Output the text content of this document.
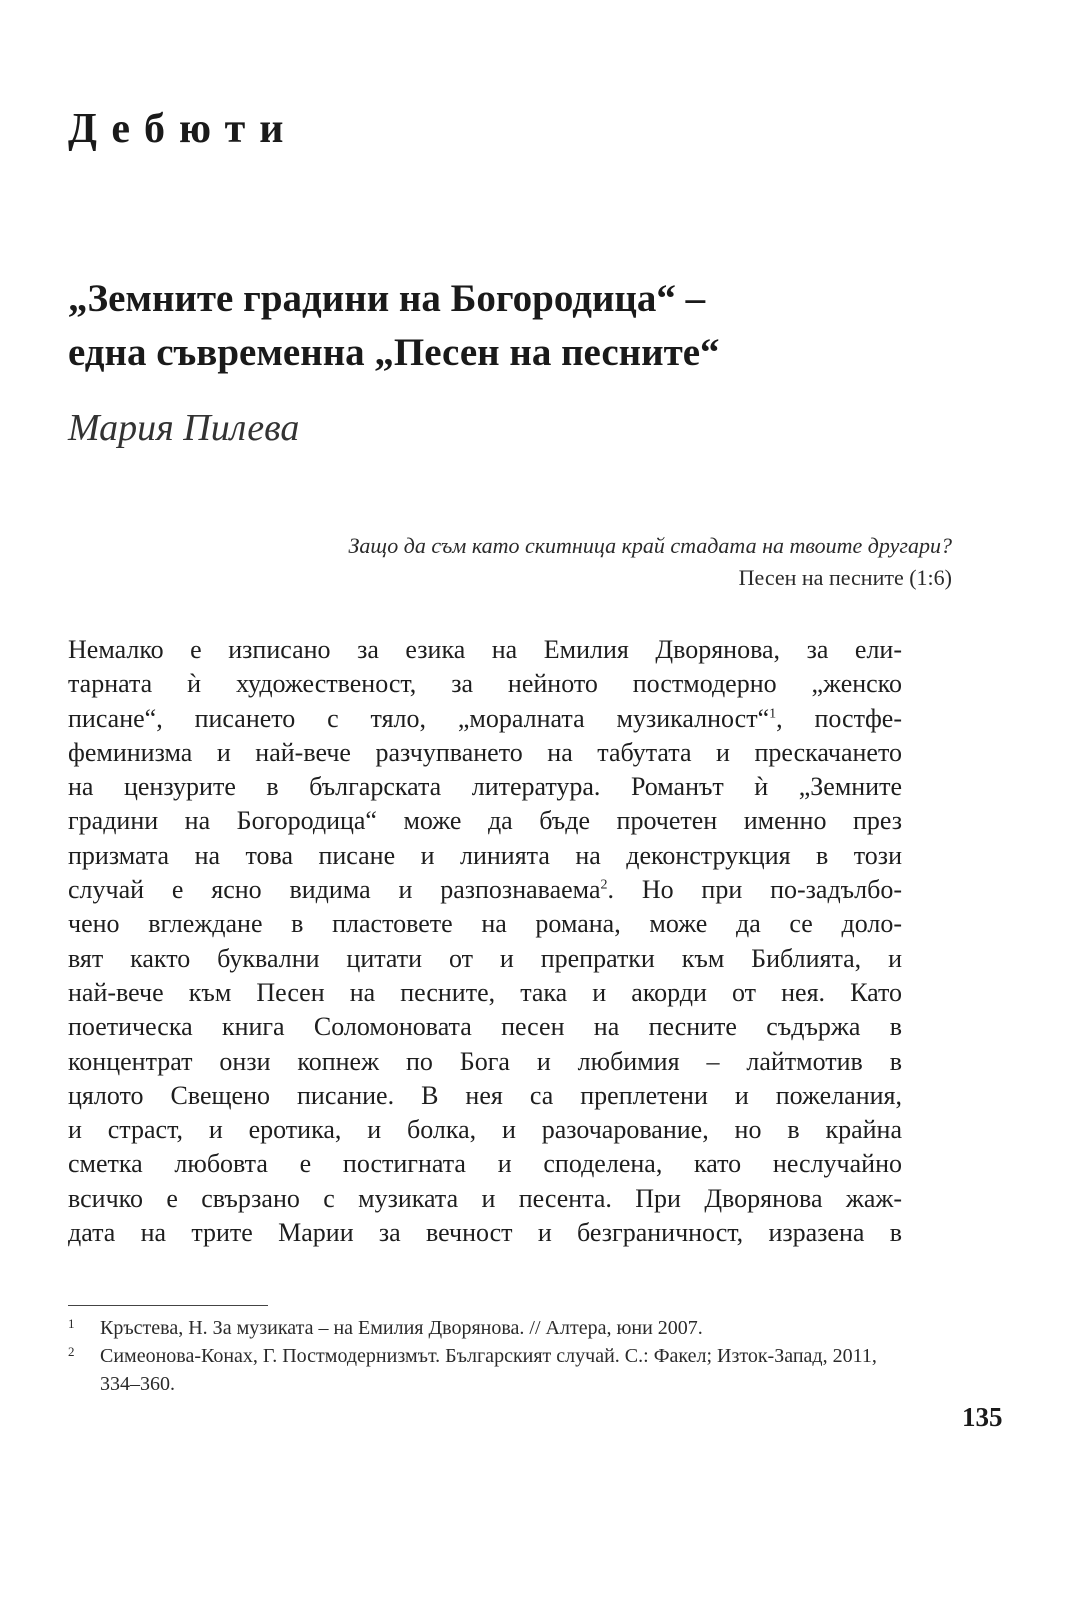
Дебюти
„Земните градини на Богородица“ –
една съвременна „Песен на песните“

Мария Пилева

Защо да съм като скитница край стадата на твоите другари?
Песен на песните (1:6)
Немалко е изписано за езика на Емилия Дворянова, за ели-
тарната ѝ художественост, за нейното постмодерно „женско
писане“, писането с тяло, „моралната музикалност“$^1$, постфе-
феминизма и най-вече разчупването на табутата и прескачането
на цензурите в българската литература. Романът ѝ „Земните
градини на Богородица“ може да бъде прочетен именно през
призмата на това писане и линията на деконструкция в този
случай е ясно видима и разпознаваема$^2$. Но при по-задълбо-
чено вглеждане в пластовете на романа, може да се доло-
вят както буквални цитати от и препратки към Библията, и
най-вече към Песен на песните, така и акорди от нея. Като
поетическа книга Соломоновата песен на песните съдържа в
концентрат онзи копнеж по Бога и любимия – лайтмотив в
цялото Свещено писание. В нея са преплетени и пожелания,
и страст, и еротика, и болка, и разочарование, но в крайна
сметка любовта е постигната и споделена, като неслучайно
всичко е свързано с музиката и песента. При Дворянова жаж-
дата на трите Марии за вечност и безграничност, изразена в

1	Кръстева, Н. За музиката – на Емилия Дворянова. // Алтера, юни 2007.

2	Симеонова-Конах, Г. Постмодернизмът. Българският случай. С.: Факел; Изток-Запад, 2011, 334–360.

135
